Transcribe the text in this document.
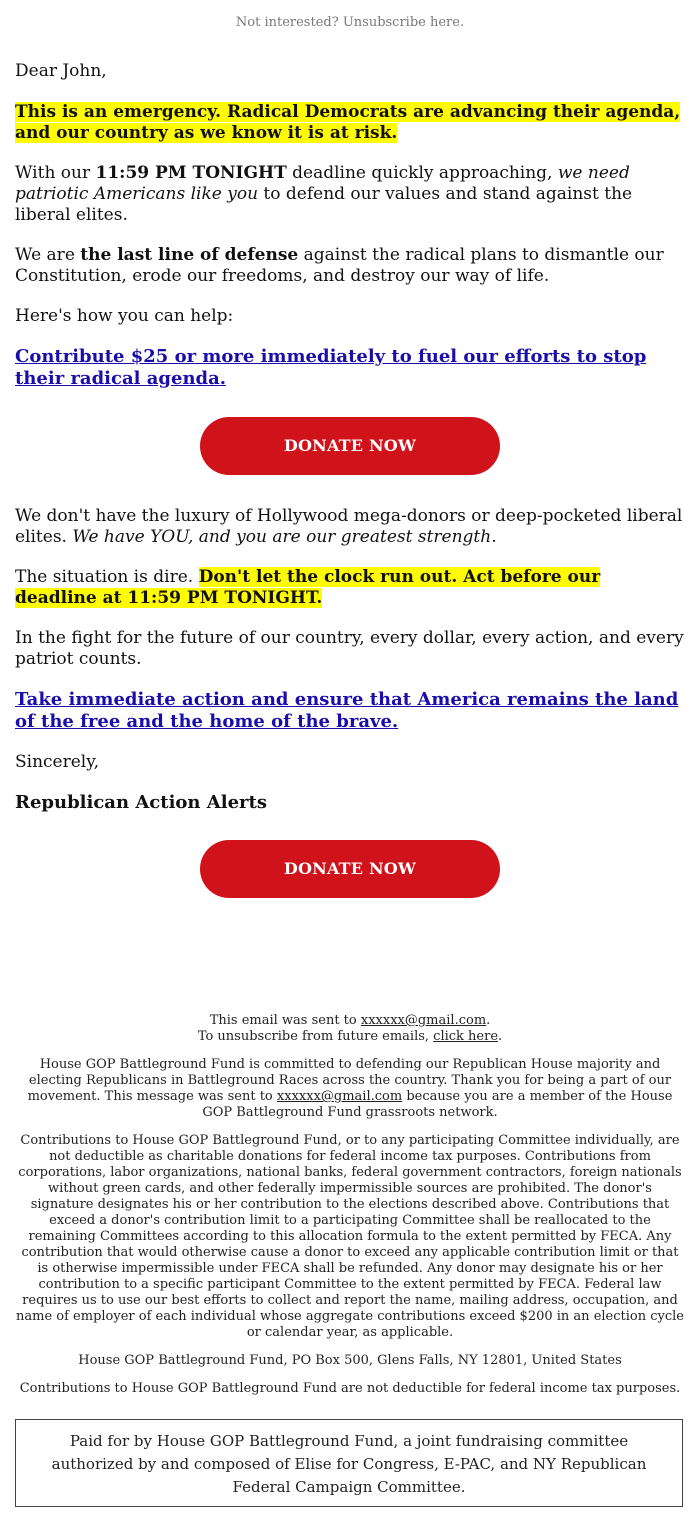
Not interested? Unsubscribe here.

Dear John,

This is an emergency. Radical Democrats are advancing their agenda, and our country as we know it is at risk.

With our 11:59 PM TONIGHT deadline quickly approaching, we need patriotic Americans like you to defend our values and stand against the liberal elites.

We are the last line of defense against the radical plans to dismantle our Constitution, erode our freedoms, and destroy our way of life.

Here's how you can help:

Contribute $25 or more immediately to fuel our efforts to stop their radical agenda.

DONATE NOW

We don't have the luxury of Hollywood mega-donors or deep-pocketed liberal elites. We have YOU, and you are our greatest strength.

The situation is dire. Don't let the clock run out. Act before our deadline at 11:59 PM TONIGHT.

In the fight for the future of our country, every dollar, every action, and every patriot counts.

Take immediate action and ensure that America remains the land of the free and the home of the brave.

Sincerely,

Republican Action Alerts

DONATE NOW

This email was sent to xxxxxx@gmail.com.

To unsubscribe from future emails, click here.

House GOP Battleground Fund is committed to defending our Republican House majority and electing Republicans in Battleground Races across the country. Thank you for being a part of our movement. This message was sent to xxxxxx@gmail.com because you are a member of the House GOP Battleground Fund grassroots network.

Contributions to House GOP Battleground Fund, or to any participating Committee individually, are not deductible as charitable donations for federal income tax purposes. Contributions from corporations, labor organizations, national banks, federal government contractors, foreign nationals without green cards, and other federally impermissible sources are prohibited. The donor's signature designates his or her contribution to the elections described above. Contributions that exceed a donor's contribution limit to a participating Committee shall be reallocated to the remaining Committees according to this allocation formula to the extent permitted by FECA. Any contribution that would otherwise cause a donor to exceed any applicable contribution limit or that is otherwise impermissible under FECA shall be refunded. Any donor may designate his or her contribution to a specific participant Committee to the extent permitted by FECA. Federal law requires us to use our best efforts to collect and report the name, mailing address, occupation, and name of employer of each individual whose aggregate contributions exceed $200 in an election cycle or calendar year, as applicable.

House GOP Battleground Fund, PO Box 500, Glens Falls, NY 12801, United States

Contributions to House GOP Battleground Fund are not deductible for federal income tax purposes.

Paid for by House GOP Battleground Fund, a joint fundraising committee authorized by and composed of Elise for Congress, E-PAC, and NY Republican Federal Campaign Committee.
